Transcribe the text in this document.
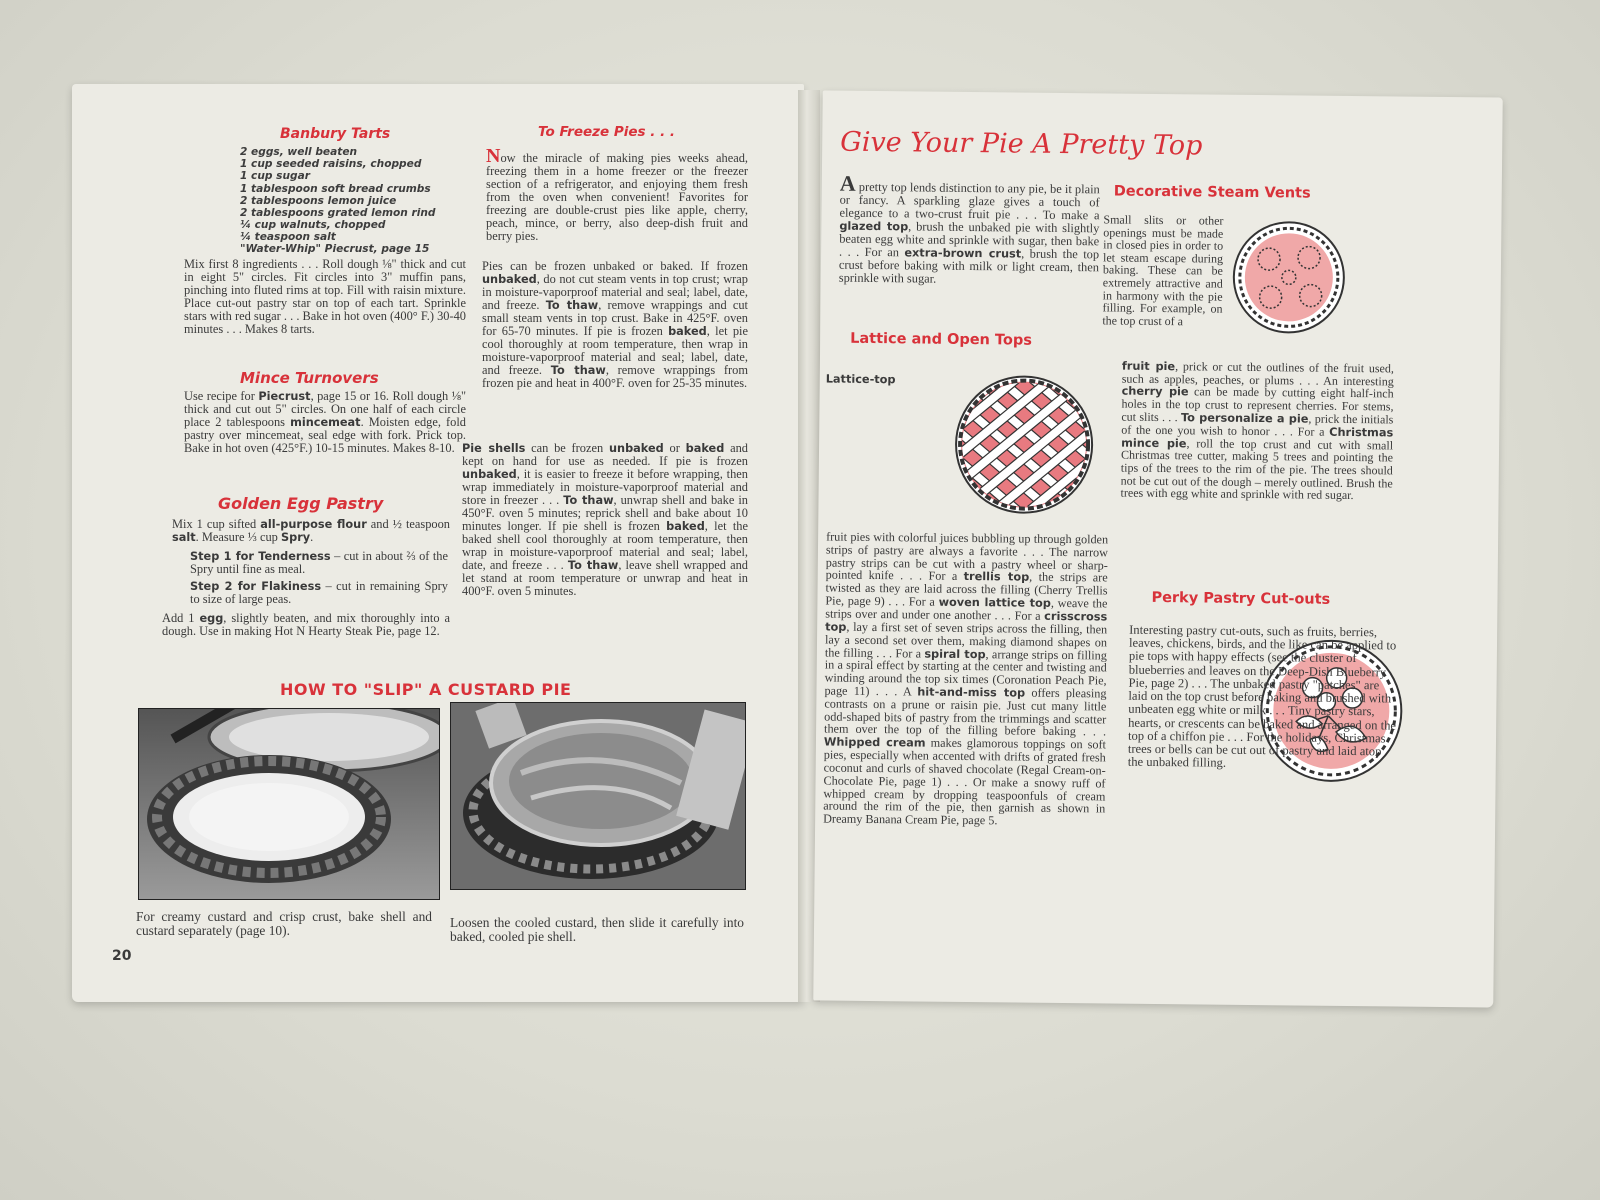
Banbury Tarts
2 eggs, well beaten
1 cup seeded raisins, chopped
1 cup sugar
1 tablespoon soft bread crumbs
2 tablespoons lemon juice
2 tablespoons grated lemon rind
¼ cup walnuts, chopped
¼ teaspoon salt
"Water-Whip" Piecrust, page 15

Mix first 8 ingredients . . . Roll dough ⅛" thick and cut in eight 5" circles. Fit circles into 3" muffin pans, pinching into fluted rims at top. Fill with raisin mixture. Place cut-out pastry star on top of each tart. Sprinkle stars with red sugar . . . Bake in hot oven (400° F.) 30-40 minutes . . . Makes 8 tarts.

Mince Turnovers

Use recipe for Piecrust, page 15 or 16. Roll dough ⅛" thick and cut out 5" circles. On one half of each circle place 2 tablespoons mincemeat. Moisten edge, fold pastry over mincemeat, seal edge with fork. Prick top. Bake in hot oven (425°F.) 10-15 minutes. Makes 8-10.

Golden Egg Pastry

Mix 1 cup sifted all-purpose flour and ½ teaspoon salt. Measure ⅓ cup Spry.

Step 1 for Tenderness – cut in about ⅔ of the Spry until fine as meal.

Step 2 for Flakiness – cut in remaining Spry to size of large peas.

Add 1 egg, slightly beaten, and mix thoroughly into a dough. Use in making Hot N Hearty Steak Pie, page 12.

To Freeze Pies . . .

Now the miracle of making pies weeks ahead, freezing them in a home freezer or the freezer section of a refrigerator, and enjoying them fresh from the oven when convenient! Favorites for freezing are double-crust pies like apple, cherry, peach, mince, or berry, also deep-dish fruit and berry pies.

Pies can be frozen unbaked or baked. If frozen unbaked, do not cut steam vents in top crust; wrap in moisture-vaporproof material and seal; label, date, and freeze. To thaw, remove wrappings and cut small steam vents in top crust. Bake in 425°F. oven for 65-70 minutes. If pie is frozen baked, let pie cool thoroughly at room temperature, then wrap in moisture-vaporproof material and seal; label, date, and freeze. To thaw, remove wrappings from frozen pie and heat in 400°F. oven for 25-35 minutes.

Pie shells can be frozen unbaked or baked and kept on hand for use as needed. If pie is frozen unbaked, it is easier to freeze it before wrapping, then wrap immediately in moisture-vaporproof material and store in freezer . . . To thaw, unwrap shell and bake in 450°F. oven 5 minutes; reprick shell and bake about 10 minutes longer. If pie shell is frozen baked, let the baked shell cool thoroughly at room temperature, then wrap in moisture-vaporproof material and seal; label, date, and freeze . . . To thaw, leave shell wrapped and let stand at room temperature or unwrap and heat in 400°F. oven 5 minutes.

HOW TO "SLIP" A CUSTARD PIE

For creamy custard and crisp crust, bake shell and custard separately (page 10).

Loosen the cooled custard, then slide it carefully into baked, cooled pie shell.

20
Give Your Pie A Pretty Top

A pretty top lends distinction to any pie, be it plain or fancy. A sparkling glaze gives a touch of elegance to a two-crust fruit pie . . . To make a glazed top, brush the unbaked pie with slightly beaten egg white and sprinkle with sugar, then bake . . . For an extra-brown crust, brush the top crust before baking with milk or light cream, then sprinkle with sugar.

Decorative Steam Vents

Small slits or other openings must be made in closed pies in order to let steam escape during baking. These can be extremely attractive and in harmony with the pie filling. For example, on the top crust of a

fruit pie, prick or cut the outlines of the fruit used, such as apples, peaches, or plums . . . An interesting cherry pie can be made by cutting eight half-inch holes in the top crust to represent cherries. For stems, cut slits . . . To personalize a pie, prick the initials of the one you wish to honor . . . For a Christmas mince pie, roll the top crust and cut with small Christmas tree cutter, making 5 trees and pointing the tips of the trees to the rim of the pie. The trees should not be cut out of the dough – merely outlined. Brush the trees with egg white and sprinkle with red sugar.

Lattice and Open Tops

Lattice-top

fruit pies with colorful juices bubbling up through golden strips of pastry are always a favorite . . . The narrow pastry strips can be cut with a pastry wheel or sharp-pointed knife . . . For a trellis top, the strips are twisted as they are laid across the filling (Cherry Trellis Pie, page 9) . . . For a woven lattice top, weave the strips over and under one another . . . For a crisscross top, lay a first set of seven strips across the filling, then lay a second set over them, making diamond shapes on the filling . . . For a spiral top, arrange strips on filling in a spiral effect by starting at the center and twisting and winding around the top six times (Coronation Peach Pie, page 11) . . . A hit-and-miss top offers pleasing contrasts on a prune or raisin pie. Just cut many little odd-shaped bits of pastry from the trimmings and scatter them over the top of the filling before baking . . . Whipped cream makes glamorous toppings on soft pies, especially when accented with drifts of grated fresh coconut and curls of shaved chocolate (Regal Cream-on-Chocolate Pie, page 1) . . . Or make a snowy ruff of whipped cream by dropping teaspoonfuls of cream around the rim of the pie, then garnish as shown in Dreamy Banana Cream Pie, page 5.

Perky Pastry Cut-outs

Interesting pastry cut-outs, such as fruits, berries, leaves, chickens, birds, and the like can be applied to pie tops with happy effects (see the cluster of blueberries and leaves on the Deep-Dish Blueberry Pie, page 2) . . . The unbaked pastry "patches" are laid on the top crust before baking and brushed with unbeaten egg white or milk . . . Tiny pastry stars, hearts, or crescents can be baked and arranged on the top of a chiffon pie . . . For the holidays, Christmas trees or bells can be cut out of pastry and laid atop the unbaked filling.
